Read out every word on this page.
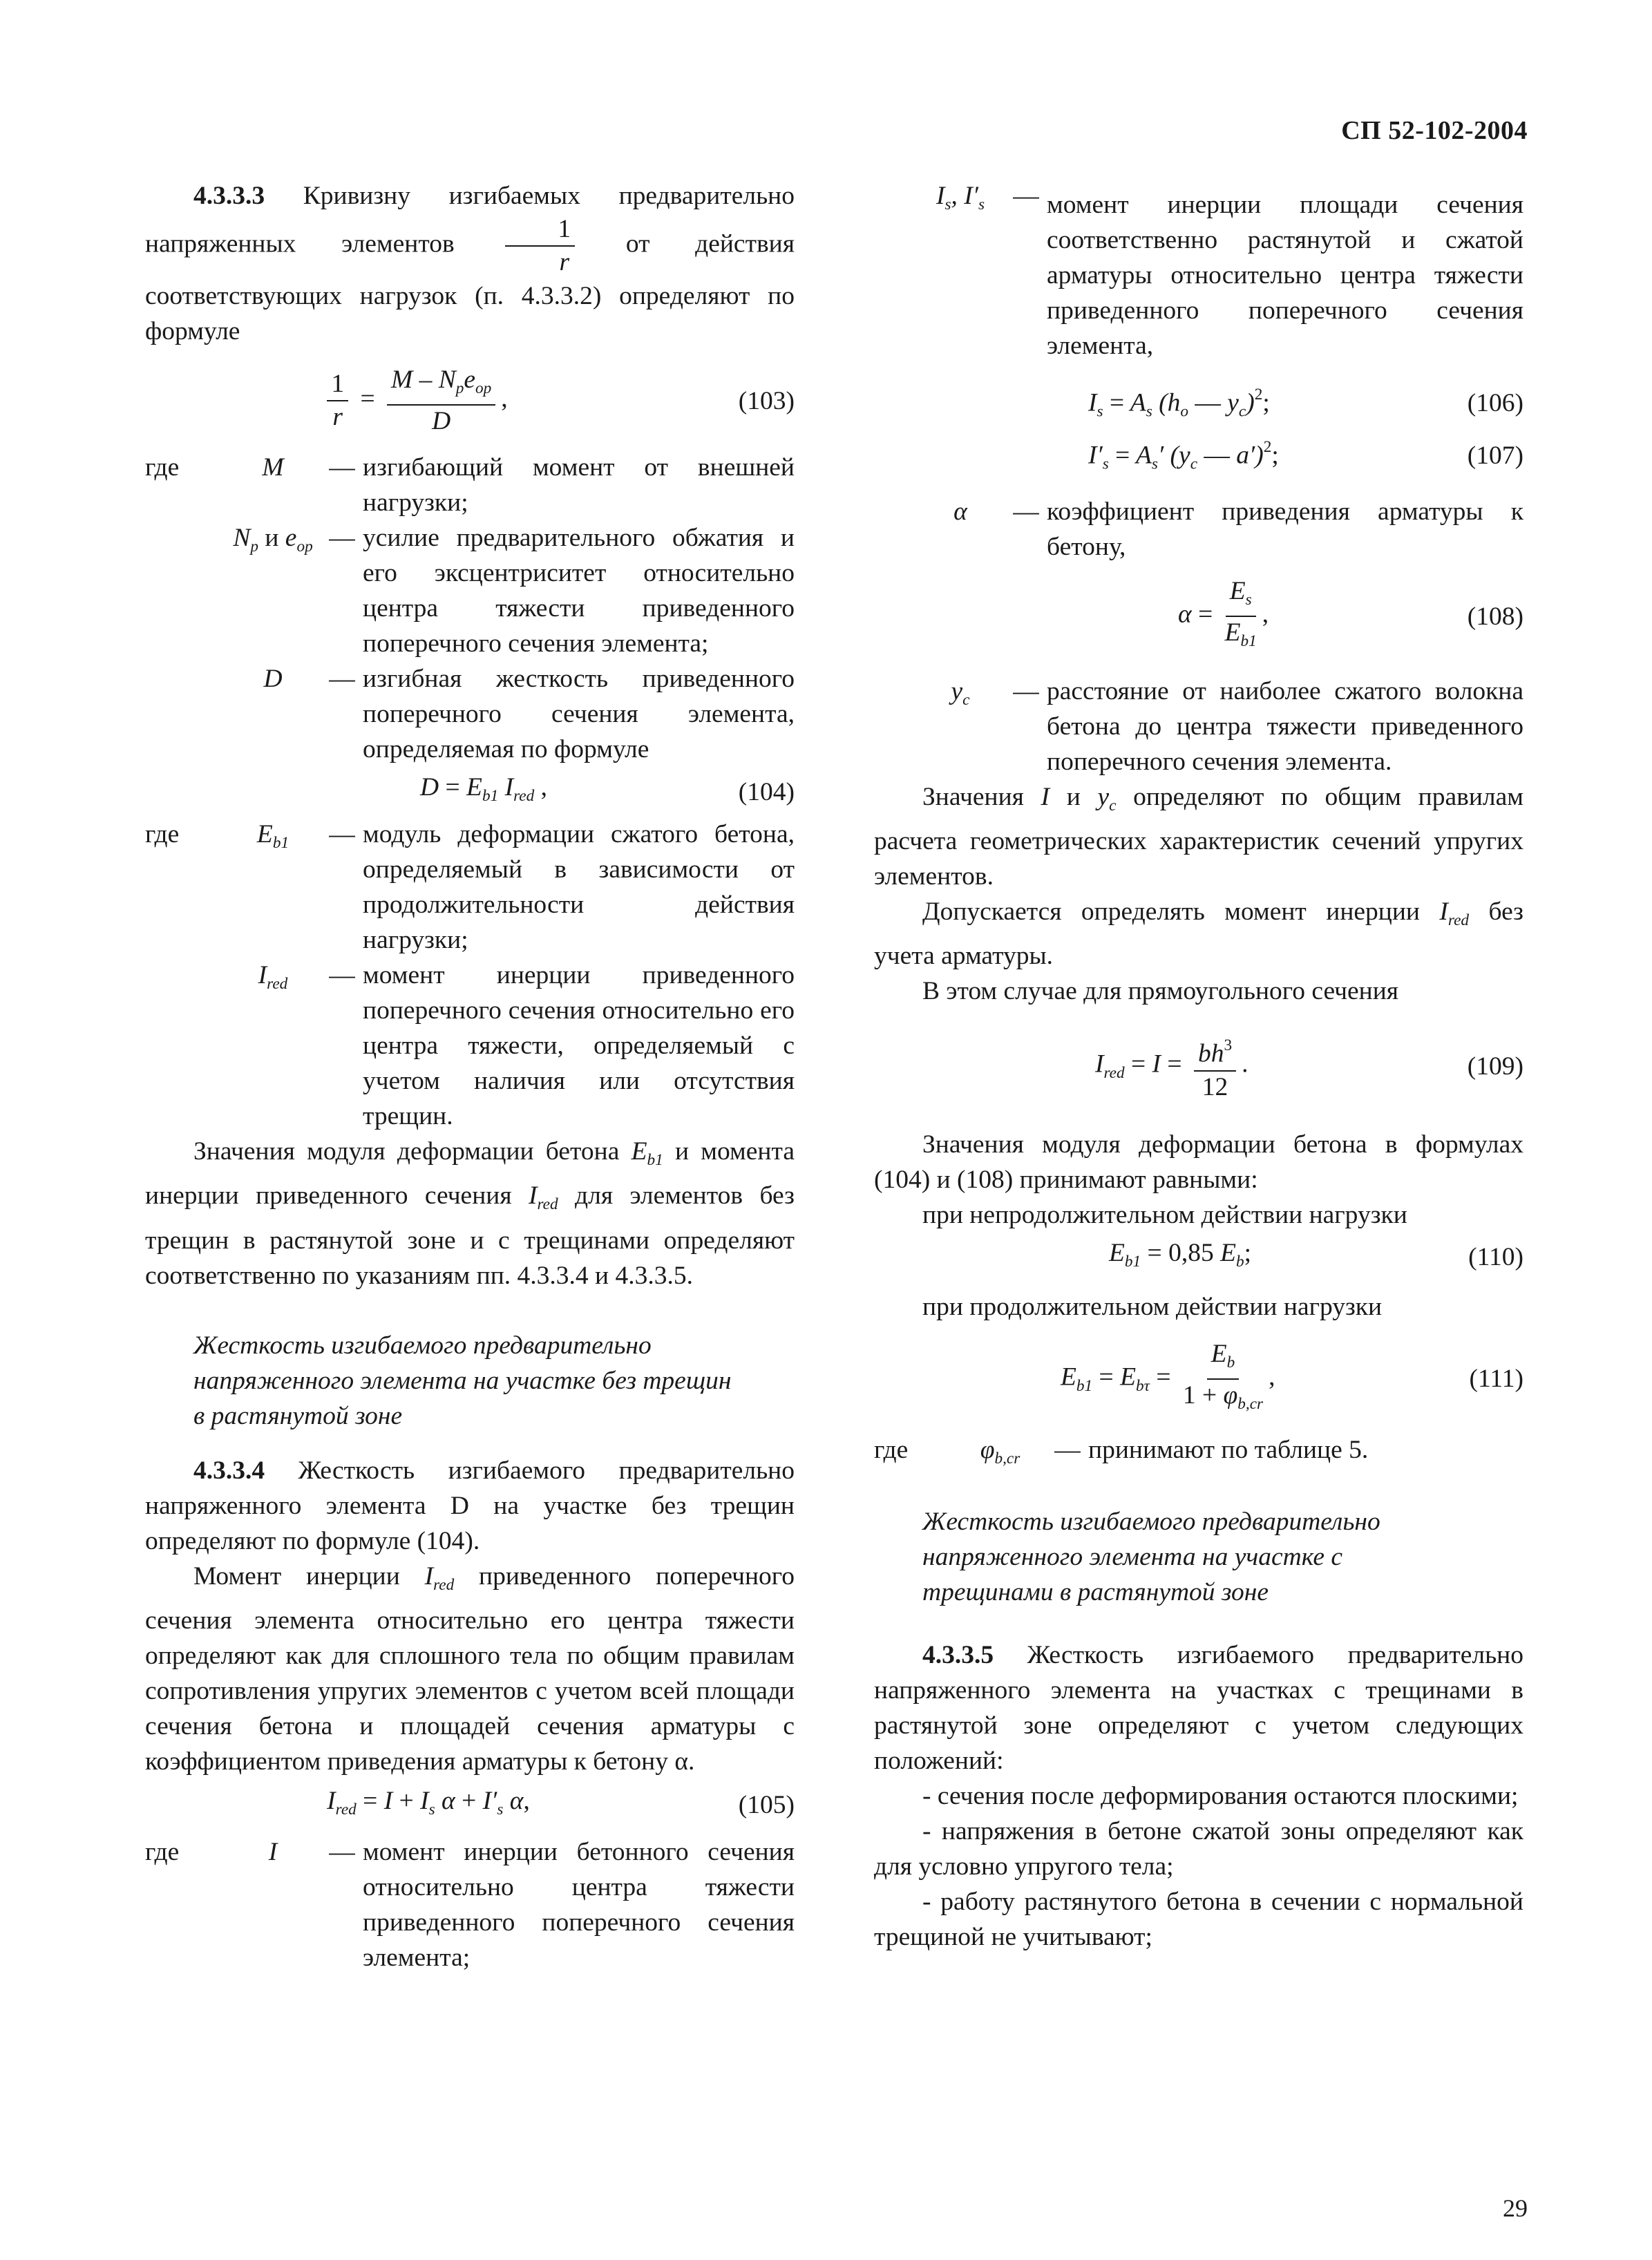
СП 52-102-2004

4.3.3.3 Кривизну изгибаемых предварительно напряженных элементов $\frac{1}{r}$ от действия соответствующих нагрузок (п. 4.3.3.2) определяют по формуле

$\frac{1}{r} = \frac{M - N_pe_{op}}{D}$ ,	(103)
где	M	— изгибающий момент от внешней нагрузки;
$N_p$ и $e_{op}$ — усилие предварительного обжатия и его эксцентриситет относительно центра тяжести приведенного поперечного сечения элемента;
D	— изгибная жесткость приведенного поперечного сечения элемента, определяемая по формуле
$D = E_{b1}$ $I_{red}$ ,	(104)
где	$E_{b1}$	— модуль деформации сжатого бетона, определяемый в зависимости от продолжительности действия нагрузки;
$I_{red}$	— момент инерции приведенного поперечного сечения относительно его центра тяжести, определяемый с учетом наличия или отсутствия трещин.

Значения модуля деформации бетона $E_{b1}$ и момента инерции приведенного сечения $I_{red}$ для элементов без трещин в растянутой зоне и с трещинами определяют соответственно по указаниям пп. 4.3.3.4 и 4.3.3.5.

Жесткость изгибаемого предварительно напряженного элемента на участке без трещин в растянутой зоне

4.3.3.4 Жесткость изгибаемого предварительно напряженного элемента D на участке без трещин определяют по формуле (104).

Момент инерции $I_{red}$ приведенного поперечного сечения элемента относительно его центра тяжести определяют как для сплошного тела по общим правилам сопротивления упругих элементов с учетом всей площади сечения бетона и площадей сечения арматуры с коэффициентом приведения арматуры к бетону α.

$I_{red} = I + I_s$ $\alpha + I'_s$ α,	(105)
где	I	— момент инерции бетонного сечения относительно центра тяжести приведенного поперечного сечения элемента;
$I_s$, $I'_s$	— момент инерции площади сечения соответственно растянутой и сжатой арматуры относительно центра тяжести приведенного поперечного сечения элемента,
$I_s = A_s$ ($h_o$ — $y_c)^2$;	(106)
$I'_s = A_s'$ ($y_c$ — a′)$^2$;	(107)
α	— коэффициент приведения арматуры к бетону,
$\alpha = \frac{E_s}{E_{b1}}$ ,	(108)
$y_c$	— расстояние от наиболее сжатого волокна бетона до центра тяжести приведенного поперечного сечения элемента.

Значения I и $y_c$ определяют по общим правилам расчета геометрических характеристик сечений упругих элементов.

Допускается определять момент инерции $I_{red}$ без учета арматуры.

В этом случае для прямоугольного сечения

$I_{red} = I = \frac{bh^3}{12}$ .	(109)

Значения модуля деформации бетона в формулах (104) и (108) принимают равными:

при непродолжительном действии нагрузки

$E_{b1} = 0,85$ $E_b$;	(110)

при продолжительном действии нагрузки

$E_{b1} = E_{b\tau} = \frac{E_b}{1 + \varphi_{b,cr}}$ ,	(111)
где	$\varphi_{b,cr}$	— принимают по таблице 5.

Жесткость изгибаемого предварительно напряженного элемента на участке с трещинами в растянутой зоне

4.3.3.5 Жесткость изгибаемого предварительно напряженного элемента на участках с трещинами в растянутой зоне определяют с учетом следующих положений:

- сечения после деформирования остаются плоскими;

- напряжения в бетоне сжатой зоны определяют как для условно упругого тела;

- работу растянутого бетона в сечении с нормальной трещиной не учитывают;

29
